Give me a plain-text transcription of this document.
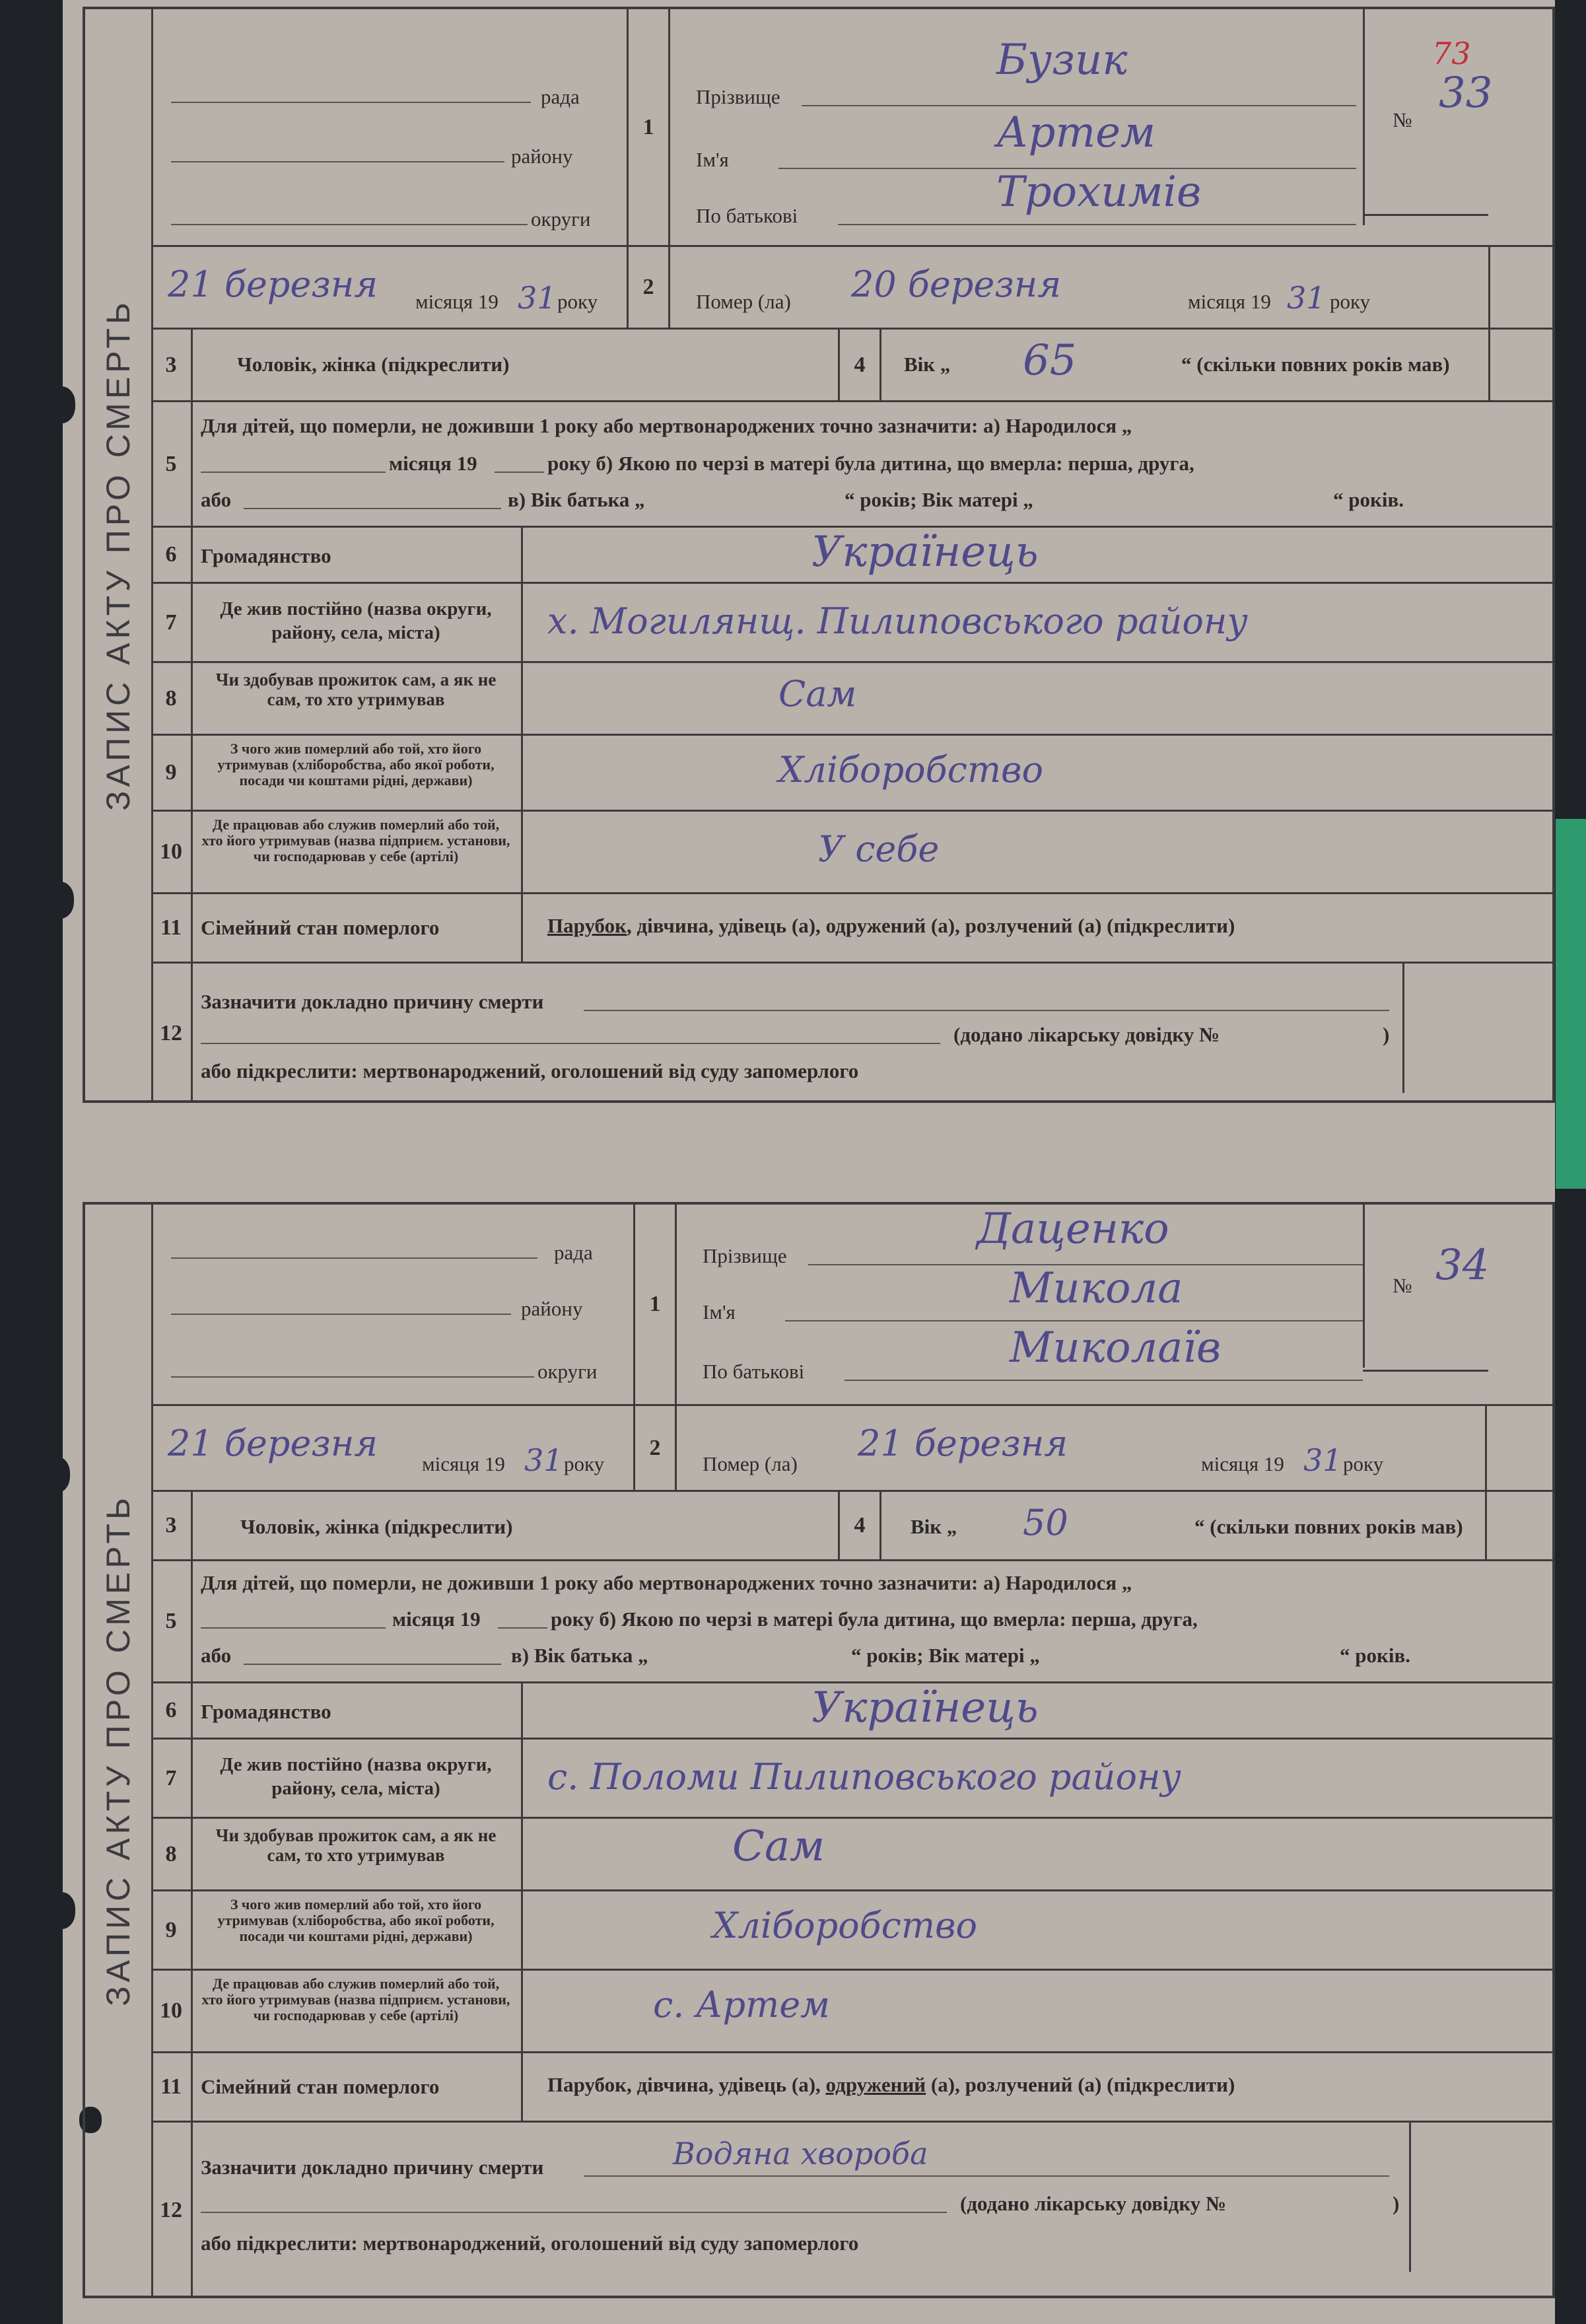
ЗАПИС АКТУ ПРО СМЕРТЬ
рада
району
округи
1
Прізвище
Бузик
Ім'я
Артем
По батькові	Трохимів
№
73
33
21 березня місяця 19 31 року
2
Помер (ла) 20 березня	місяця 19 31 року
3	Чоловік, жінка (підкреслити)	4	Вік „ 65	“ (скільки повних років мав)
5
Для дітей, що померли, не доживши 1 року або мертвонароджених точно зазначити: а) Народилося „
місяця 19	року б) Якою по черзі в матері була дитина, що вмерла: перша, друга,
або	в) Вік батька „	“ років; Вік матері „	“ років.
6	Громадянство	Українець
7
Де жив постійно (назва округи, району, села, міста)	х. Могилянщ. Пилиповського району
8
Чи здобував прожиток сам, а як не сам, то хто утримував	Сам
9
З чого жив померлий або той, хто його утримував (хліборобства, або якої роботи, посади чи коштами рідні, держави)	Хліборобство
10
Де працював або служив померлий або той, хто його утримував (назва підприєм. установи, чи господарював у себе (артілі)	У себе
11 Сімейний стан померлого	Парубок, дівчина, удівець (а), одружений (а), розлучений (а) (підкреслити)
12
Зазначити докладно причину смерти
(додано лікарську довідку №	)
або підкреслити: мертвонароджений, оголошений від суду запомерлого
ЗАПИС АКТУ ПРО СМЕРТЬ
рада
району
округи
1
Прізвище
Даценко
Ім'я	Микола
По батькові	Миколаїв
№ 34
21 березня місяця 19 31 року
2
Помер (ла) 21 березня	місяця 19 31 року
3	Чоловік, жінка (підкреслити)	4	Вік „ 50	“ (скільки повних років мав)
5
Для дітей, що померли, не доживши 1 року або мертвонароджених точно зазначити: а) Народилося „
місяця 19	року б) Якою по черзі в матері була дитина, що вмерла: перша, друга,
або	в) Вік батька „	“ років; Вік матері „	“ років.
6	Громадянство	Українець
7
Де жив постійно (назва округи, району, села, міста)	с. Поломи Пилиповського району
8
Чи здобував прожиток сам, а як не сам, то хто утримував	Сам
9
З чого жив померлий або той, хто його утримував (хліборобства, або якої роботи, посади чи коштами рідні, держави)	Хліборобство
10
Де працював або служив померлий або той, хто його утримував (назва підприєм. установи, чи господарював у себе (артілі)	с. Артем
11 Сімейний стан померлого	Парубок, дівчина, удівець (а), одружений (а), розлучений (а) (підкреслити)
12
Зазначити докладно причину смерти	Водяна хвороба
(додано лікарську довідку №	)
або підкреслити: мертвонароджений, оголошений від суду запомерлого
